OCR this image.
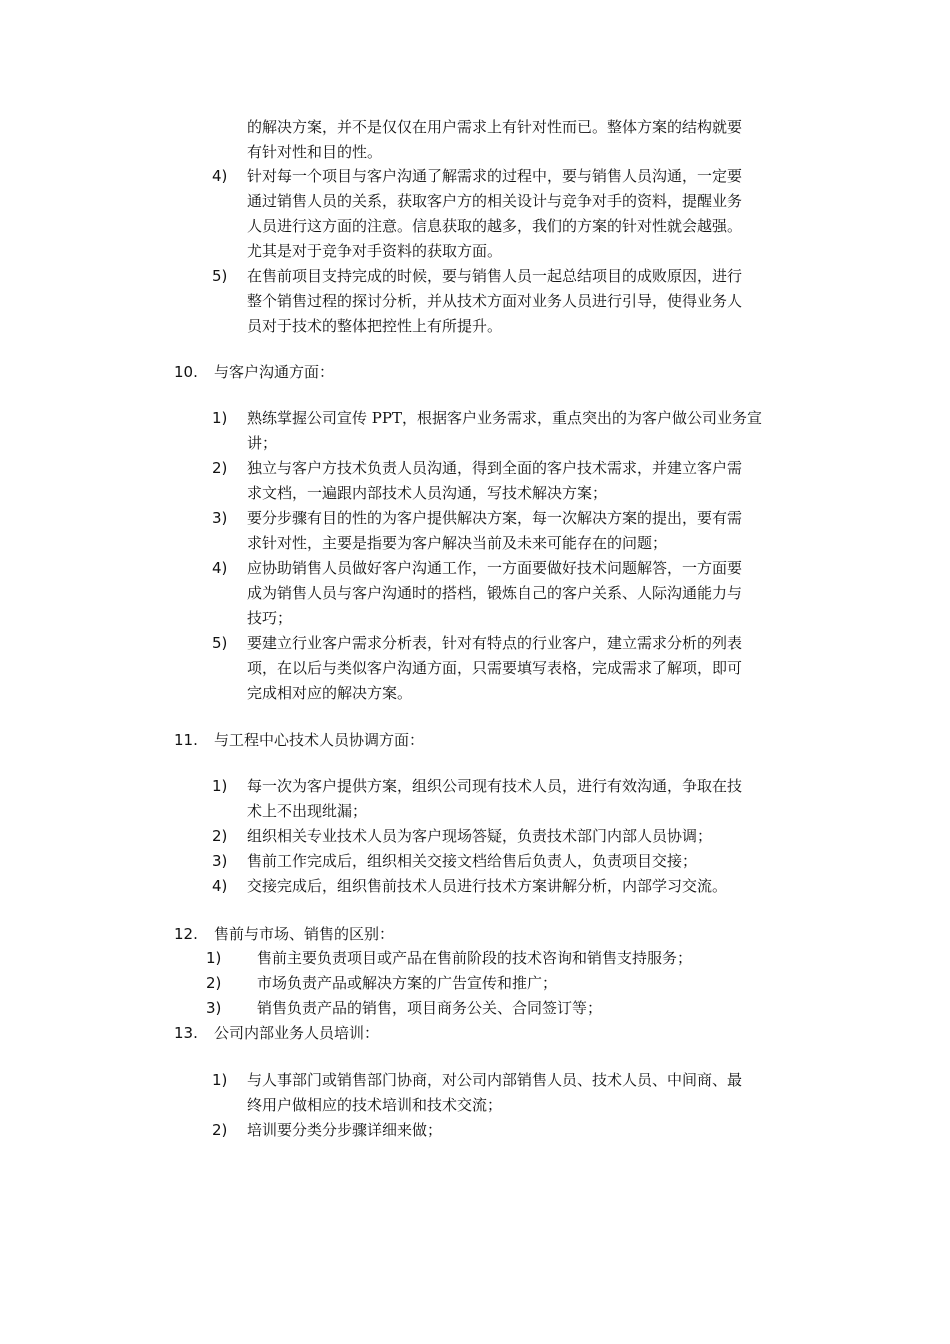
的解决方案，并不是仅仅在用户需求上有针对性而已。整体方案的结构就要
有针对性和目的性。
4) 针对每一个项目与客户沟通了解需求的过程中，要与销售人员沟通，一定要
通过销售人员的关系，获取客户方的相关设计与竞争对手的资料，提醒业务
人员进行这方面的注意。信息获取的越多，我们的方案的针对性就会越强。
尤其是对于竞争对手资料的获取方面。
5) 在售前项目支持完成的时候，要与销售人员一起总结项目的成败原因，进行
整个销售过程的探讨分析，并从技术方面对业务人员进行引导，使得业务人
员对于技术的整体把控性上有所提升。
10. 与客户沟通方面：
1) 熟练掌握公司宣传 PPT，根据客户业务需求，重点突出的为客户做公司业务宣
讲；
2) 独立与客户方技术负责人员沟通，得到全面的客户技术需求，并建立客户需
求文档，一遍跟内部技术人员沟通，写技术解决方案；
3) 要分步骤有目的性的为客户提供解决方案，每一次解决方案的提出，要有需
求针对性，主要是指要为客户解决当前及未来可能存在的问题；
4) 应协助销售人员做好客户沟通工作，一方面要做好技术问题解答，一方面要
成为销售人员与客户沟通时的搭档，锻炼自己的客户关系、人际沟通能力与
技巧；
5) 要建立行业客户需求分析表，针对有特点的行业客户，建立需求分析的列表
项，在以后与类似客户沟通方面，只需要填写表格，完成需求了解项，即可
完成相对应的解决方案。
11. 与工程中心技术人员协调方面：
1) 每一次为客户提供方案，组织公司现有技术人员，进行有效沟通，争取在技
术上不出现纰漏；
2) 组织相关专业技术人员为客户现场答疑，负责技术部门内部人员协调；
3) 售前工作完成后，组织相关交接文档给售后负责人，负责项目交接；
4) 交接完成后，组织售前技术人员进行技术方案讲解分析，内部学习交流。
12. 售前与市场、销售的区别：
1) 售前主要负责项目或产品在售前阶段的技术咨询和销售支持服务；
2) 市场负责产品或解决方案的广告宣传和推广；
3) 销售负责产品的销售，项目商务公关、合同签订等；
13. 公司内部业务人员培训：
1) 与人事部门或销售部门协商，对公司内部销售人员、技术人员、中间商、最
终用户做相应的技术培训和技术交流；
2) 培训要分类分步骤详细来做；
